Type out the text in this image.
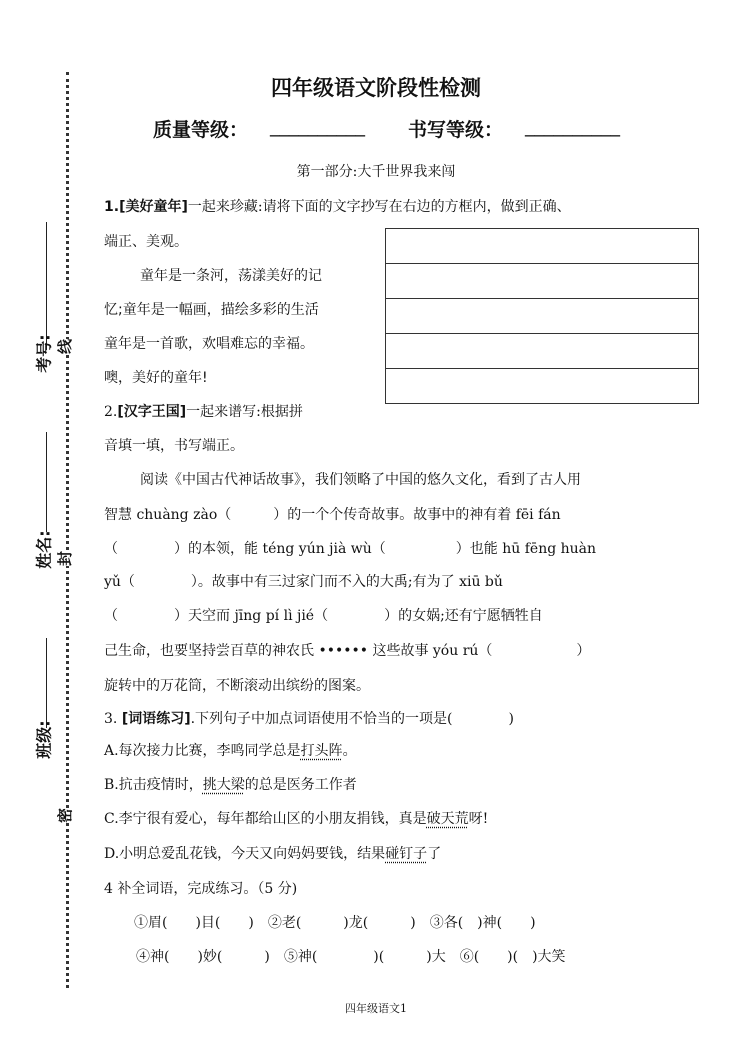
考号: 线
姓名: 封
班级:
密
四年级语文阶段性检测
质量等级： __________ 书写等级： __________
第一部分:大千世界我来闯
1.[美好童年]一起来珍藏:请将下面的文字抄写在右边的方框内，做到正确、
端正、美观。
童年是一条河，荡漾美好的记
忆;童年是一幅画，描绘多彩的生活
童年是一首歌，欢唱难忘的幸福。
噢，美好的童年!
2.[汉字王国]一起来谱写:根据拼
音填一填，书写端正。
阅读《中国古代神话故事》，我们领略了中国的悠久文化，看到了古人用
智慧 chuàng zào（　　　）的一个个传奇故事。故事中的神有着 fēi fán
（　　　　）的本领，能 téng yún jià wù（　　　　　）也能 hū fēng huàn
yǔ（　　　　）。故事中有三过家门而不入的大禹;有为了 xiū bǔ
（　　　　）天空而 jīng pí lì jié（　　　　）的女娲;还有宁愿牺牲自
己生命，也要坚持尝百草的神农氏 •••••• 这些故事 yóu rú（　　　　　　）
旋转中的万花筒，不断滚动出缤纷的图案。
3. [词语练习].下列句子中加点词语使用不恰当的一项是(　　　　)
A.每次接力比赛，李鸣同学总是打头阵。
B.抗击疫情时，挑大梁的总是医务工作者
C.李宁很有爱心，每年都给山区的小朋友捐钱，真是破天荒呀!
D.小明总爱乱花钱，今天又向妈妈要钱，结果碰钉子了
4 补全词语，完成练习。（5 分)
①眉(　　)目(　　)　②老(　　　)龙(　　　)　③各(　)神(　　)
④神(　　)妙(　　　)　⑤神(　　　　)(　　　)大　⑥(　　)(　)大笑
四年级语文1
